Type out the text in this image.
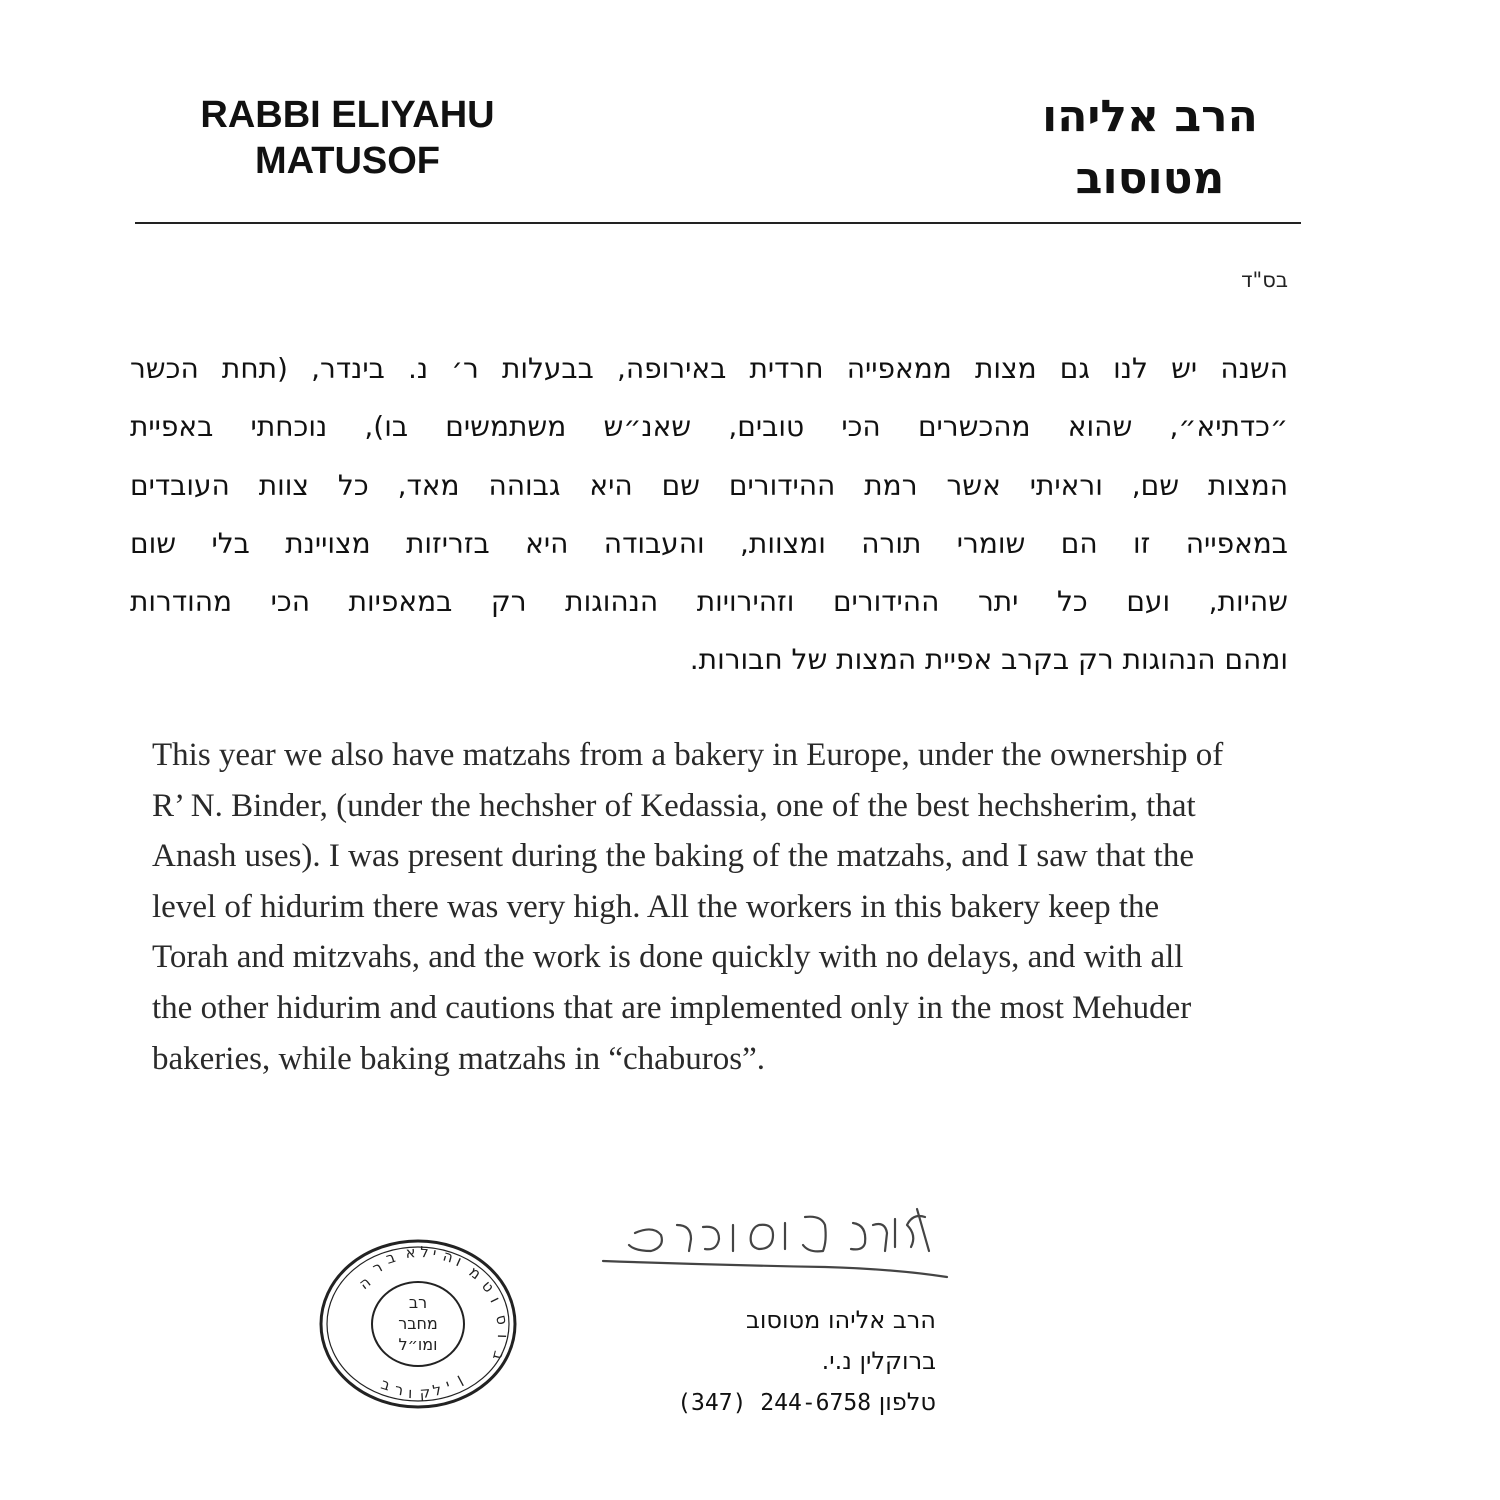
RABBI ELIYAHU
MATUSOF
הרב אליהו
מטוסוב
בס"ד
השנה יש לנו גם מצות ממאפייה חרדית באירופה, בבעלות ר׳ נ. בינדר, (תחת הכשר
״כדתיא״, שהוא מהכשרים הכי טובים, שאנ״ש משתמשים בו), נוכחתי באפיית
המצות שם, וראיתי אשר רמת ההידורים שם היא גבוהה מאד, כל צוות העובדים
במאפייה זו הם שומרי תורה ומצוות, והעבודה היא בזריזות מצויינת בלי שום
שהיות, ועם כל יתר ההידורים וזהירויות הנהוגות רק במאפיות הכי מהודרות
ומהם הנהוגות רק בקרב אפיית המצות של חבורות.
This year we also have matzahs from a bakery in Europe, under the ownership of
R’ N. Binder, (under the hechsher of Kedassia, one of the best hechsherim, that
Anash uses). I was present during the baking of the matzahs, and I saw that the
level of hidurim there was very high. All the workers in this bakery keep the
Torah and mitzvahs, and the work is done quickly with no delays, and with all
the other hidurim and cautions that are implemented only in the most Mehuder
bakeries, while baking matzahs in “chaburos”.
ה
ר
ב א ל י ה
ו
מ
ט
ו
ס
ו
ב
ב ר ו ק ל י ן
רב
מחבר
ומו״ל
הרב אליהו מטוסוב
ברוקלין נ.י.
טלפון (347) 244-6758
